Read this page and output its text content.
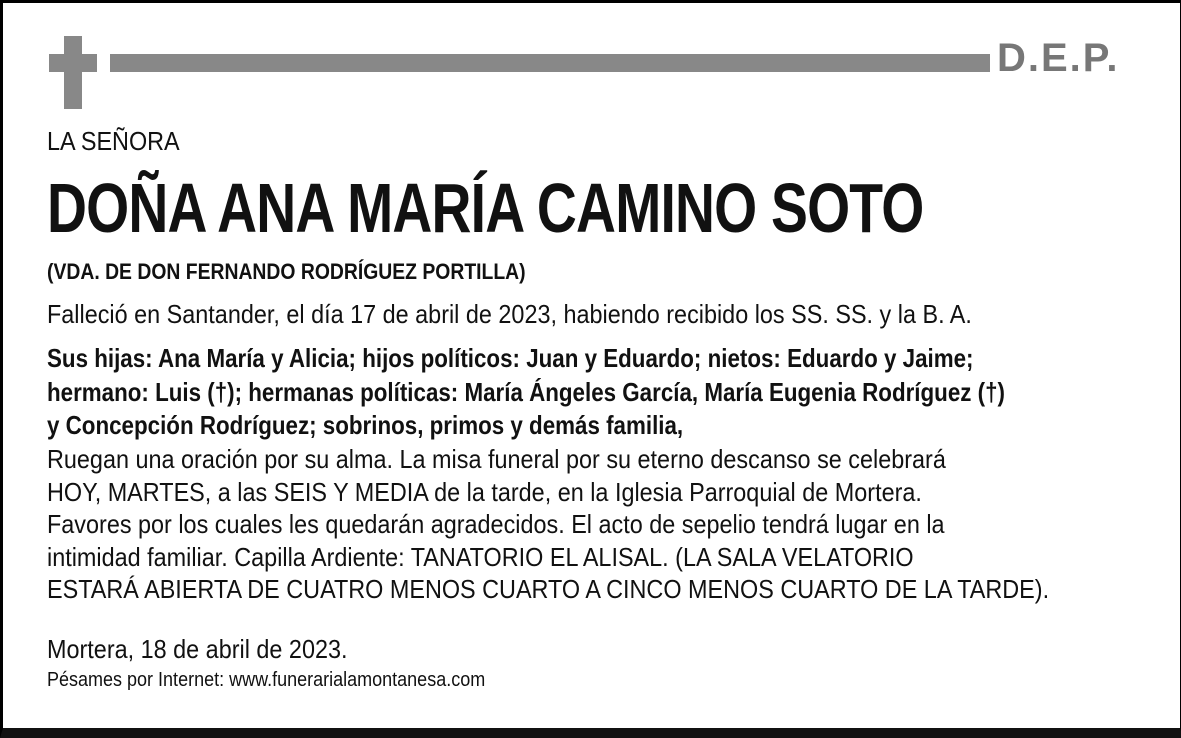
D.E.P.
LA SEÑORA
DOÑA ANA MARÍA CAMINO SOTO
(VDA. DE DON FERNANDO RODRÍGUEZ PORTILLA)
Falleció en Santander, el día 17 de abril de 2023, habiendo recibido los SS. SS. y la B. A.
Sus hijas: Ana María y Alicia; hijos políticos: Juan y Eduardo; nietos: Eduardo y Jaime;
hermano: Luis (†); hermanas políticas: María Ángeles García, María Eugenia Rodríguez (†)
y Concepción Rodríguez; sobrinos, primos y demás familia,
Ruegan una oración por su alma. La misa funeral por su eterno descanso se celebrará
HOY, MARTES, a las SEIS Y MEDIA de la tarde, en la Iglesia Parroquial de Mortera.
Favores por los cuales les quedarán agradecidos. El acto de sepelio tendrá lugar en la
intimidad familiar. Capilla Ardiente: TANATORIO EL ALISAL. (LA SALA VELATORIO
ESTARÁ ABIERTA DE CUATRO MENOS CUARTO A CINCO MENOS CUARTO DE LA TARDE).
Mortera, 18 de abril de 2023.
Pésames por Internet: www.funerarialamontanesa.com
